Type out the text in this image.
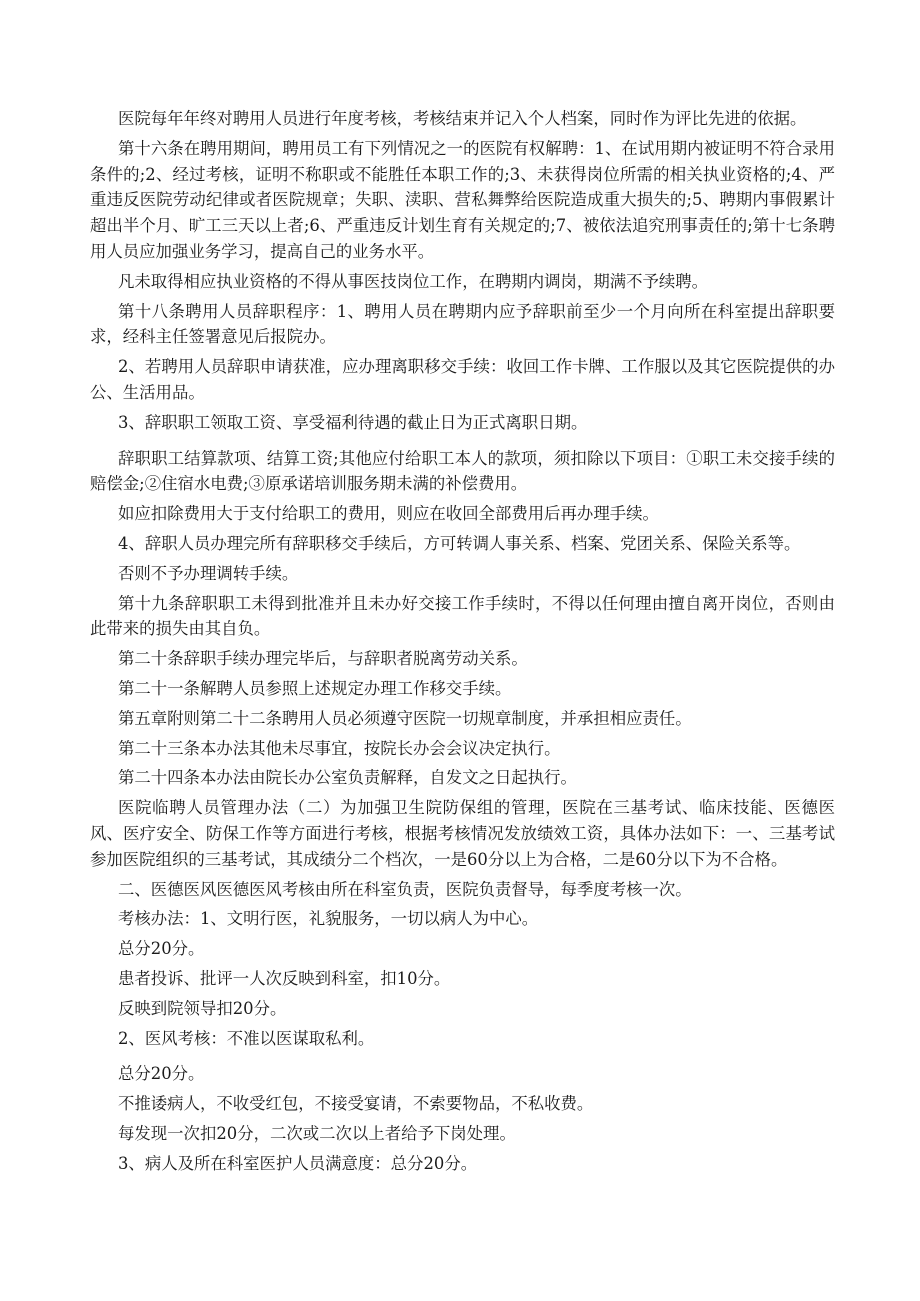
医院每年年终对聘用人员进行年度考核，考核结束并记入个人档案，同时作为评比先进的依据。

第十六条在聘用期间，聘用员工有下列情况之一的医院有权解聘：1、在试用期内被证明不符合录用条件的;2、经过考核，证明不称职或不能胜任本职工作的;3、未获得岗位所需的相关执业资格的;4、严重违反医院劳动纪律或者医院规章；失职、渎职、营私舞弊给医院造成重大损失的;5、聘期内事假累计超出半个月、旷工三天以上者;6、严重违反计划生育有关规定的;7、被依法追究刑事责任的;第十七条聘用人员应加强业务学习，提高自己的业务水平。

凡未取得相应执业资格的不得从事医技岗位工作，在聘期内调岗，期满不予续聘。

第十八条聘用人员辞职程序：1、聘用人员在聘期内应予辞职前至少一个月向所在科室提出辞职要求，经科主任签署意见后报院办。

2、若聘用人员辞职申请获准，应办理离职移交手续：收回工作卡牌、工作服以及其它医院提供的办公、生活用品。

3、辞职职工领取工资、享受福利待遇的截止日为正式离职日期。

辞职职工结算款项、结算工资;其他应付给职工本人的款项，须扣除以下项目：①职工未交接手续的赔偿金;②住宿水电费;③原承诺培训服务期未满的补偿费用。

如应扣除费用大于支付给职工的费用，则应在收回全部费用后再办理手续。

4、辞职人员办理完所有辞职移交手续后，方可转调人事关系、档案、党团关系、保险关系等。

否则不予办理调转手续。

第十九条辞职职工未得到批准并且未办好交接工作手续时，不得以任何理由擅自离开岗位，否则由此带来的损失由其自负。

第二十条辞职手续办理完毕后，与辞职者脱离劳动关系。

第二十一条解聘人员参照上述规定办理工作移交手续。

第五章附则第二十二条聘用人员必须遵守医院一切规章制度，并承担相应责任。

第二十三条本办法其他未尽事宜，按院长办会会议决定执行。

第二十四条本办法由院长办公室负责解释，自发文之日起执行。

医院临聘人员管理办法（二）为加强卫生院防保组的管理，医院在三基考试、临床技能、医德医风、医疗安全、防保工作等方面进行考核，根据考核情况发放绩效工资，具体办法如下：一、三基考试参加医院组织的三基考试，其成绩分二个档次，一是60分以上为合格，二是60分以下为不合格。

二、医德医风医德医风考核由所在科室负责，医院负责督导，每季度考核一次。

考核办法：1、文明行医，礼貌服务，一切以病人为中心。

总分20分。

患者投诉、批评一人次反映到科室，扣10分。

反映到院领导扣20分。

2、医风考核：不准以医谋取私利。

总分20分。

不推诿病人，不收受红包，不接受宴请，不索要物品，不私收费。

每发现一次扣20分，二次或二次以上者给予下岗处理。

3、病人及所在科室医护人员满意度：总分20分。
